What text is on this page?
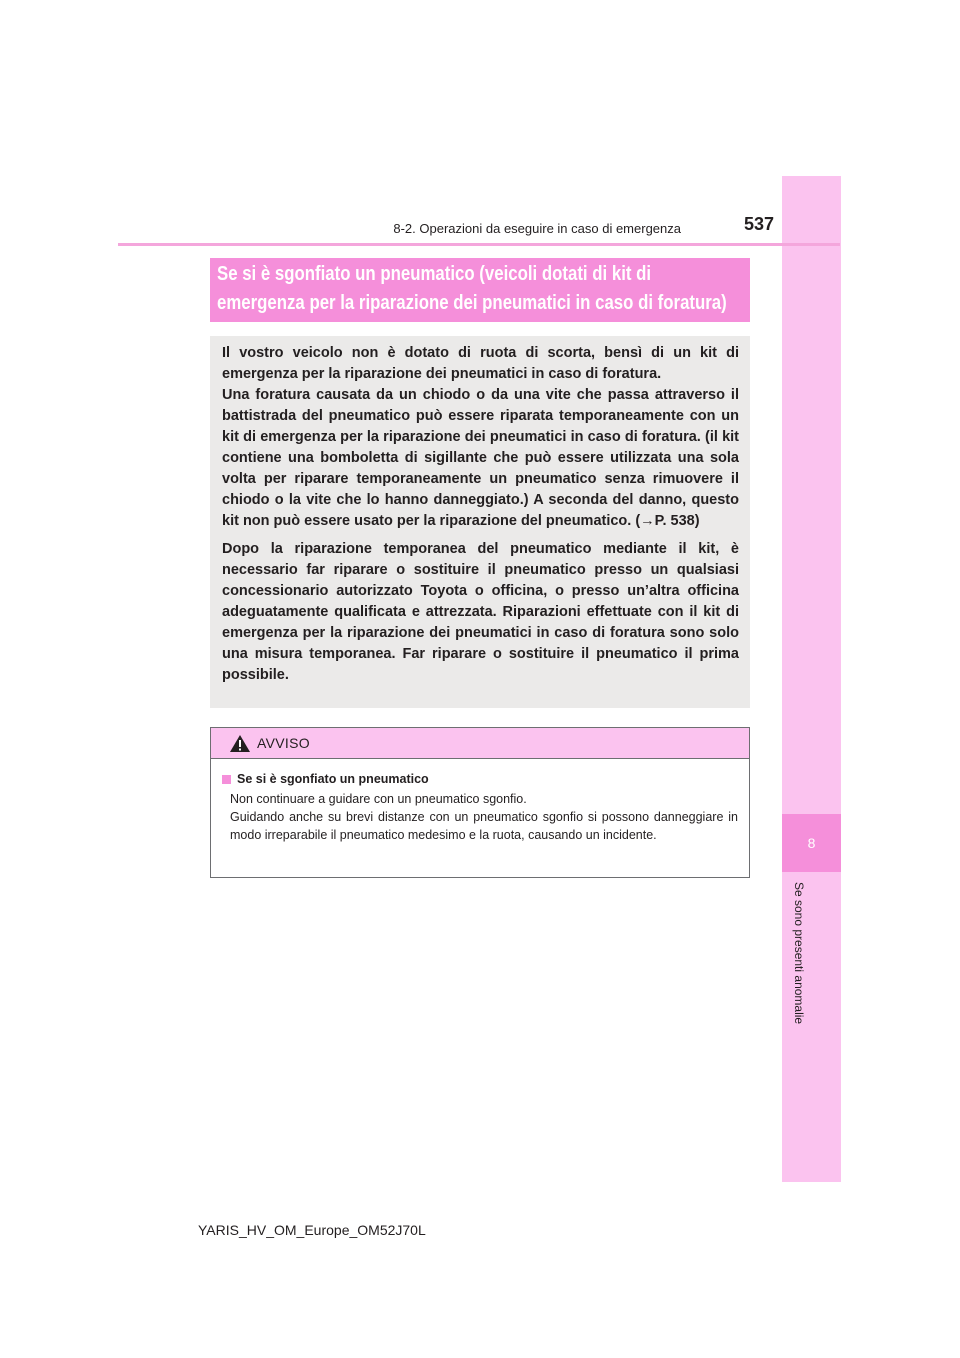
8
Se sono presenti anomalie
8-2. Operazioni da eseguire in caso di emergenza	537
Se si è sgonfiato un pneumatico (veicoli dotati di kit di
emergenza per la riparazione dei pneumatici in caso di foratura)

Il vostro veicolo non è dotato di ruota di scorta, bensì di un kit di emergenza per la riparazione dei pneumatici in caso di foratura.

Una foratura causata da un chiodo o da una vite che passa attraverso il battistrada del pneumatico può essere riparata temporaneamente con un kit di emergenza per la riparazione dei pneumatici in caso di foratura. (il kit contiene una bomboletta di sigillante che può essere utilizzata una sola volta per riparare temporaneamente un pneumatico senza rimuovere il chiodo o la vite che lo hanno danneggiato.) A seconda del danno, questo kit non può essere usato per la riparazione del pneumatico. (→P. 538)

Dopo la riparazione temporanea del pneumatico mediante il kit, è necessario far riparare o sostituire il pneumatico presso un qualsiasi concessionario autorizzato Toyota o officina, o presso un’altra officina adeguatamente qualificata e attrezzata. Riparazioni effettuate con il kit di emergenza per la riparazione dei pneumatici in caso di foratura sono solo una misura temporanea. Far riparare o sostituire il pneumatico il prima possibile.

AVVISO
Se si è sgonfiato un pneumatico

Non continuare a guidare con un pneumatico sgonfio.

Guidando anche su brevi distanze con un pneumatico sgonfio si possono danneggiare in modo irreparabile il pneumatico medesimo e la ruota, causando un incidente.

YARIS_HV_OM_Europe_OM52J70L
